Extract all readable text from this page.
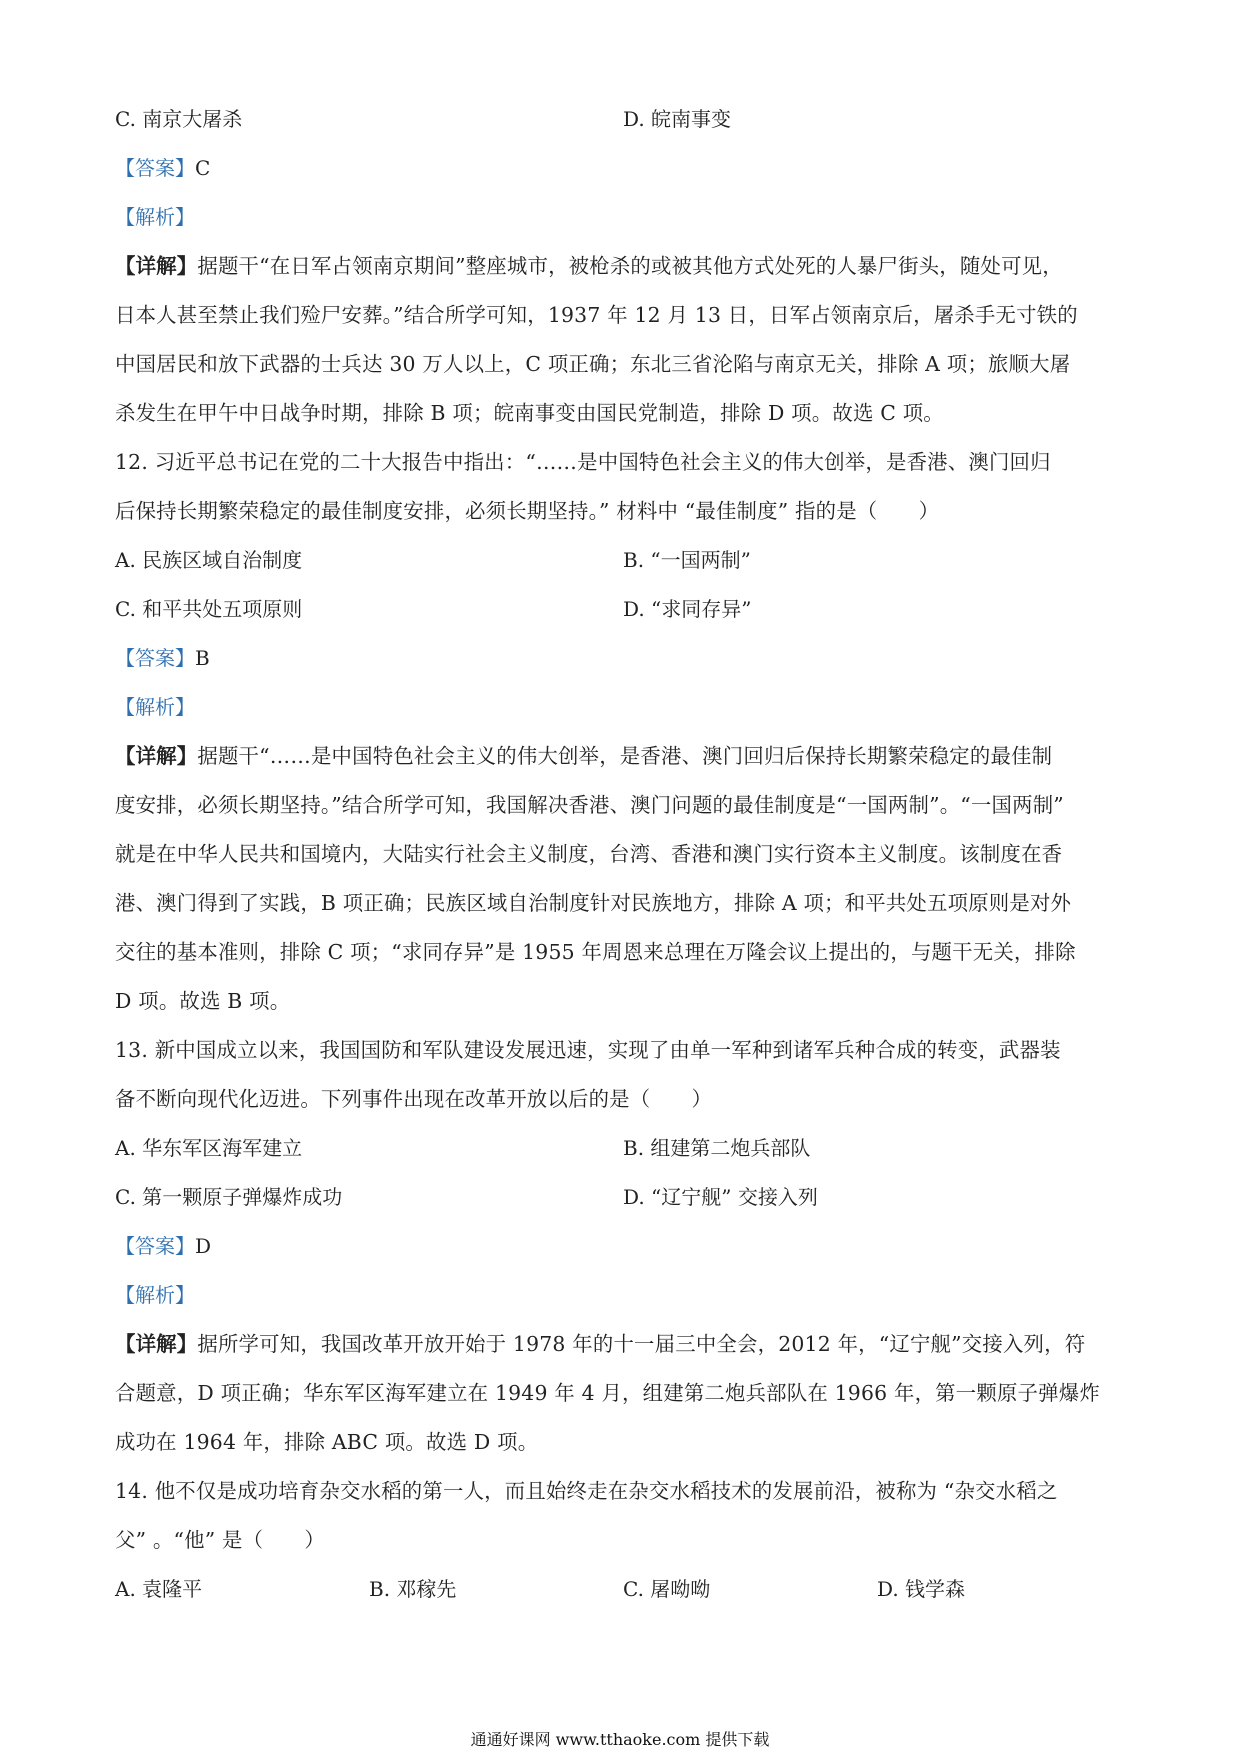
C. 南京大屠杀	D. 皖南事变
【答案】C
【解析】
【详解】据题干“在日军占领南京期间”整座城市，被枪杀的或被其他方式处死的人暴尸街头，随处可见，
日本人甚至禁止我们殓尸安葬。”结合所学可知，1937 年 12 月 13 日，日军占领南京后，屠杀手无寸铁的
中国居民和放下武器的士兵达 30 万人以上，C 项正确；东北三省沦陷与南京无关，排除 A 项；旅顺大屠
杀发生在甲午中日战争时期，排除 B 项；皖南事变由国民党制造，排除 D 项。故选 C 项。
12. 习近平总书记在党的二十大报告中指出：“……是中国特色社会主义的伟大创举，是香港、澳门回归
后保持长期繁荣稳定的最佳制度安排，必须长期坚持。” 材料中 “最佳制度” 指的是（　　）
A. 民族区域自治制度	B. “一国两制”
C. 和平共处五项原则	D. “求同存异”
【答案】B
【解析】
【详解】据题干“……是中国特色社会主义的伟大创举，是香港、澳门回归后保持长期繁荣稳定的最佳制
度安排，必须长期坚持。”结合所学可知，我国解决香港、澳门问题的最佳制度是“一国两制”。“一国两制”
就是在中华人民共和国境内，大陆实行社会主义制度，台湾、香港和澳门实行资本主义制度。该制度在香
港、澳门得到了实践，B 项正确；民族区域自治制度针对民族地方，排除 A 项；和平共处五项原则是对外
交往的基本准则，排除 C 项；“求同存异”是 1955 年周恩来总理在万隆会议上提出的，与题干无关，排除
D 项。故选 B 项。
13. 新中国成立以来，我国国防和军队建设发展迅速，实现了由单一军种到诸军兵种合成的转变，武器装
备不断向现代化迈进。下列事件出现在改革开放以后的是（　　）
A. 华东军区海军建立	B. 组建第二炮兵部队
C. 第一颗原子弹爆炸成功	D. “辽宁舰” 交接入列
【答案】D
【解析】
【详解】据所学可知，我国改革开放开始于 1978 年的十一届三中全会，2012 年，“辽宁舰”交接入列，符
合题意，D 项正确；华东军区海军建立在 1949 年 4 月，组建第二炮兵部队在 1966 年，第一颗原子弹爆炸
成功在 1964 年，排除 ABC 项。故选 D 项。
14. 他不仅是成功培育杂交水稻的第一人，而且始终走在杂交水稻技术的发展前沿，被称为 “杂交水稻之
父” 。“他” 是（　　）
A. 袁隆平	B. 邓稼先	C. 屠呦呦	D. 钱学森
通通好课网 www.tthaoke.com 提供下载
